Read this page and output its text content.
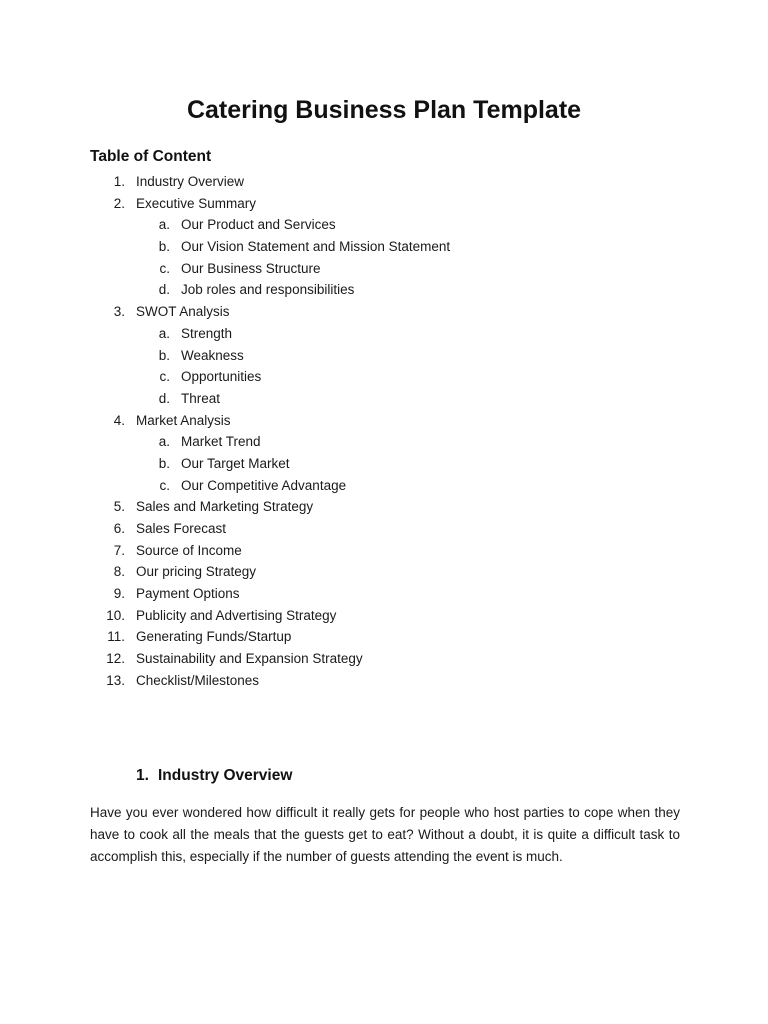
Catering Business Plan Template
Table of Content
1. Industry Overview
2. Executive Summary
a. Our Product and Services
b. Our Vision Statement and Mission Statement
c. Our Business Structure
d. Job roles and responsibilities
3. SWOT Analysis
a. Strength
b. Weakness
c. Opportunities
d. Threat
4. Market Analysis
a. Market Trend
b. Our Target Market
c. Our Competitive Advantage
5. Sales and Marketing Strategy
6. Sales Forecast
7. Source of Income
8. Our pricing Strategy
9. Payment Options
10. Publicity and Advertising Strategy
11. Generating Funds/Startup
12. Sustainability and Expansion Strategy
13. Checklist/Milestones
1. Industry Overview

Have you ever wondered how difficult it really gets for people who host parties to cope when they have to cook all the meals that the guests get to eat? Without a doubt, it is quite a difficult task to accomplish this, especially if the number of guests attending the event is much.
